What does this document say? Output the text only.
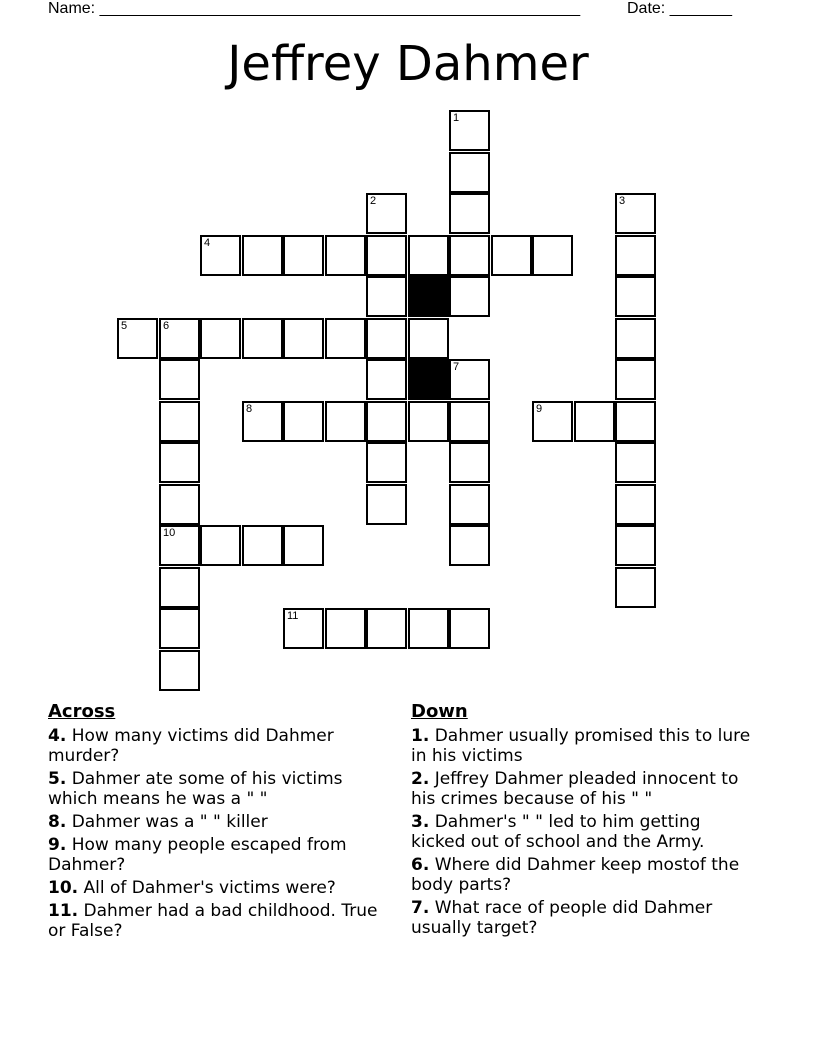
Name: ______________________________________________________	Date: _______
Jeffrey Dahmer
1
2	3
4
5	6
7
8	9
10
11
Across
4. How many victims did Dahmer murder?
5. Dahmer ate some of his victims which means he was a " "
8. Dahmer was a " " killer
9. How many people escaped from Dahmer?
10. All of Dahmer's victims were?
11. Dahmer had a bad childhood. True or False?
Down
1. Dahmer usually promised this to lure in his victims
2. Jeffrey Dahmer pleaded innocent to his crimes because of his " "
3. Dahmer's " " led to him getting kicked out of school and the Army.
6. Where did Dahmer keep mostof the body parts?
7. What race of people did Dahmer usually target?
